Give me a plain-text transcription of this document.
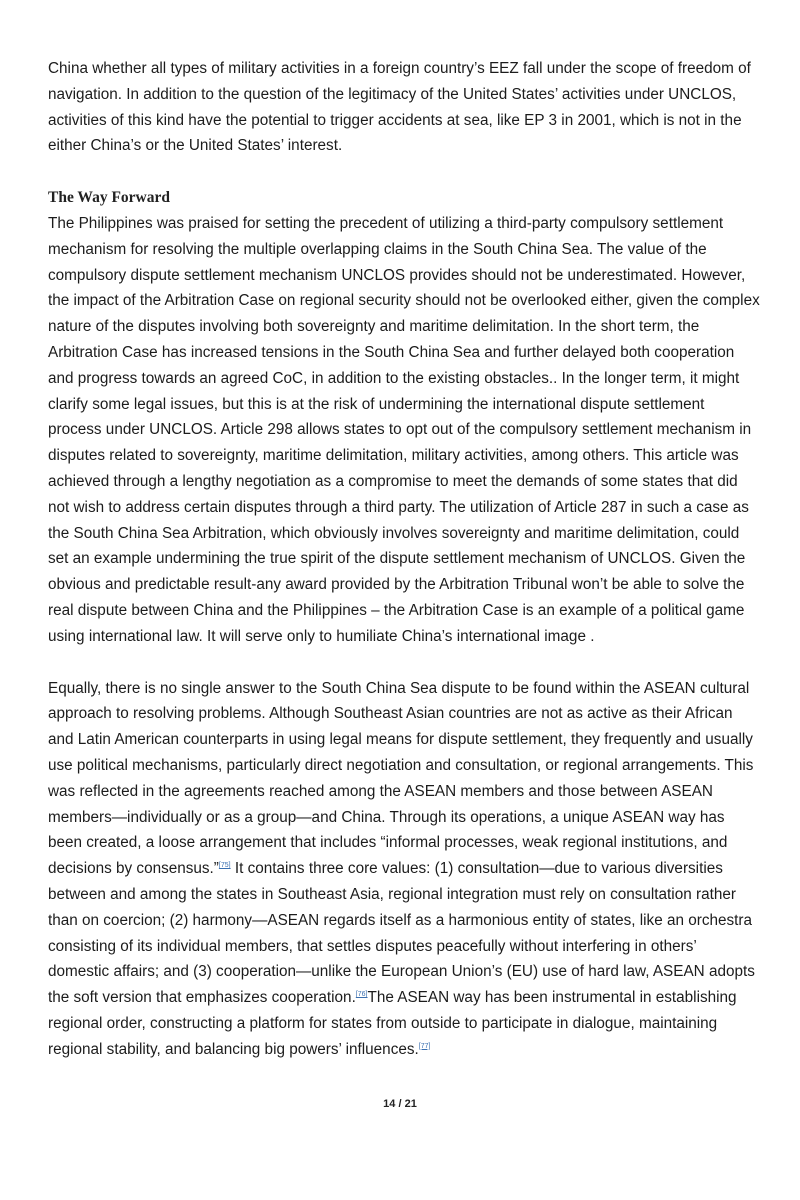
China whether all types of military activities in a foreign country’s EEZ fall under the scope of freedom of navigation. In addition to the question of the legitimacy of the United States’ activities under UNCLOS, activities of this kind have the potential to trigger accidents at sea, like EP 3 in 2001, which is not in the either China’s or the United States’ interest.

The Way Forward

The Philippines was praised for setting the precedent of utilizing a third-party compulsory settlement mechanism for resolving the multiple overlapping claims in the South China Sea. The value of the compulsory dispute settlement mechanism UNCLOS provides should not be underestimated. However, the impact of the Arbitration Case on regional security should not be overlooked either, given the complex nature of the disputes involving both sovereignty and maritime delimitation. In the short term, the Arbitration Case has increased tensions in the South China Sea and further delayed both cooperation and progress towards an agreed CoC, in addition to the existing obstacles.. In the longer term, it might clarify some legal issues, but this is at the risk of undermining the international dispute settlement process under UNCLOS. Article 298 allows states to opt out of the compulsory settlement mechanism in disputes related to sovereignty, maritime delimitation, military activities, among others. This article was achieved through a lengthy negotiation as a compromise to meet the demands of some states that did not wish to address certain disputes through a third party. The utilization of Article 287 in such a case as the South China Sea Arbitration, which obviously involves sovereignty and maritime delimitation, could set an example undermining the true spirit of the dispute settlement mechanism of UNCLOS. Given the obvious and predictable result-any award provided by the Arbitration Tribunal won’t be able to solve the real dispute between China and the Philippines – the Arbitration Case is an example of a political game using international law. It will serve only to humiliate China’s international image .

Equally, there is no single answer to the South China Sea dispute to be found within the ASEAN cultural approach to resolving problems. Although Southeast Asian countries are not as active as their African and Latin American counterparts in using legal means for dispute settlement, they frequently and usually use political mechanisms, particularly direct negotiation and consultation, or regional arrangements. This was reflected in the agreements reached among the ASEAN members and those between ASEAN members—individually or as a group—and China. Through its operations, a unique ASEAN way has been created, a loose arrangement that includes “informal processes, weak regional institutions, and decisions by consensus.”[75] It contains three core values: (1) consultation—due to various diversities between and among the states in Southeast Asia, regional integration must rely on consultation rather than on coercion; (2) harmony—ASEAN regards itself as a harmonious entity of states, like an orchestra consisting of its individual members, that settles disputes peacefully without interfering in others’ domestic affairs; and (3) cooperation—unlike the European Union’s (EU) use of hard law, ASEAN adopts the soft version that emphasizes cooperation.[76]The ASEAN way has been instrumental in establishing regional order, constructing a platform for states from outside to participate in dialogue, maintaining regional stability, and balancing big powers’ influences.[77]

14 / 21
